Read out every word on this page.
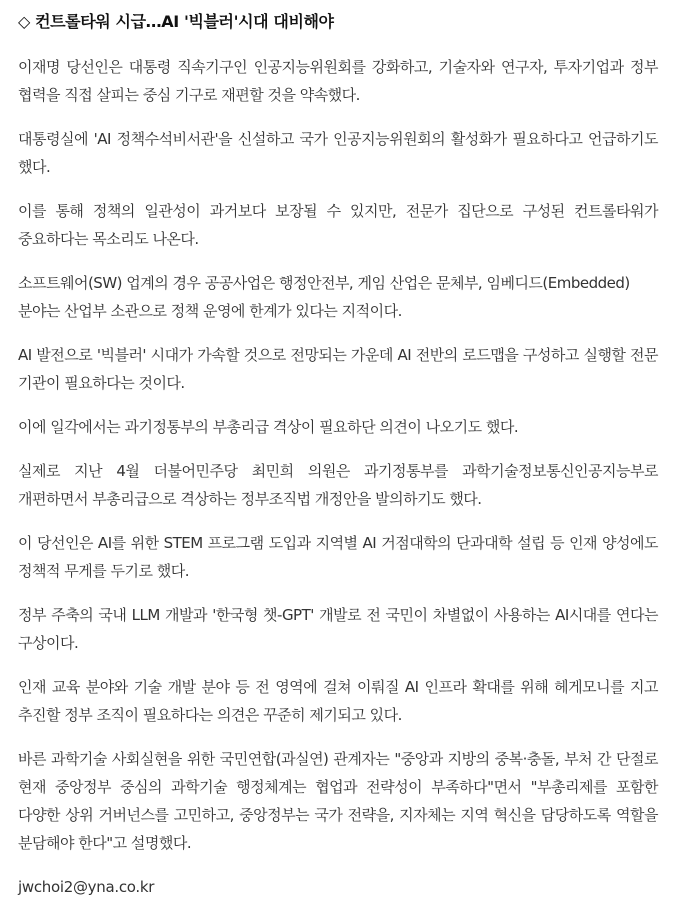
◇ 컨트롤타워 시급…AI '빅블러'시대 대비해야

이재명 당선인은 대통령 직속기구인 인공지능위원회를 강화하고, 기술자와 연구자, 투자기업과 정부 협력을 직접 살피는 중심 기구로 재편할 것을 약속했다.

대통령실에 'AI 정책수석비서관'을 신설하고 국가 인공지능위원회의 활성화가 필요하다고 언급하기도 했다.

이를 통해 정책의 일관성이 과거보다 보장될 수 있지만, 전문가 집단으로 구성된 컨트롤타워가 중요하다는 목소리도 나온다.

소프트웨어(SW) 업계의 경우 공공사업은 행정안전부, 게임 산업은 문체부, 임베디드(Embedded) 분야는 산업부 소관으로 정책 운영에 한계가 있다는 지적이다.

AI 발전으로 '빅블러' 시대가 가속할 것으로 전망되는 가운데 AI 전반의 로드맵을 구성하고 실행할 전문 기관이 필요하다는 것이다.

이에 일각에서는 과기정통부의 부총리급 격상이 필요하단 의견이 나오기도 했다.

실제로 지난 4월 더불어민주당 최민희 의원은 과기정통부를 과학기술정보통신인공지능부로 개편하면서 부총리급으로 격상하는 정부조직법 개정안을 발의하기도 했다.

이 당선인은 AI를 위한 STEM 프로그램 도입과 지역별 AI 거점대학의 단과대학 설립 등 인재 양성에도 정책적 무게를 두기로 했다.

정부 주축의 국내 LLM 개발과 '한국형 챗-GPT' 개발로 전 국민이 차별없이 사용하는 AI시대를 연다는 구상이다.

인재 교육 분야와 기술 개발 분야 등 전 영역에 걸쳐 이뤄질 AI 인프라 확대를 위해 헤게모니를 지고 추진할 정부 조직이 필요하다는 의견은 꾸준히 제기되고 있다.

바른 과학기술 사회실현을 위한 국민연합(과실연) 관계자는 "중앙과 지방의 중복·충돌, 부처 간 단절로 현재 중앙정부 중심의 과학기술 행정체계는 협업과 전략성이 부족하다"면서 "부총리제를 포함한 다양한 상위 거버넌스를 고민하고, 중앙정부는 국가 전략을, 지자체는 지역 혁신을 담당하도록 역할을 분담해야 한다"고 설명했다.

jwchoi2@yna.co.kr
